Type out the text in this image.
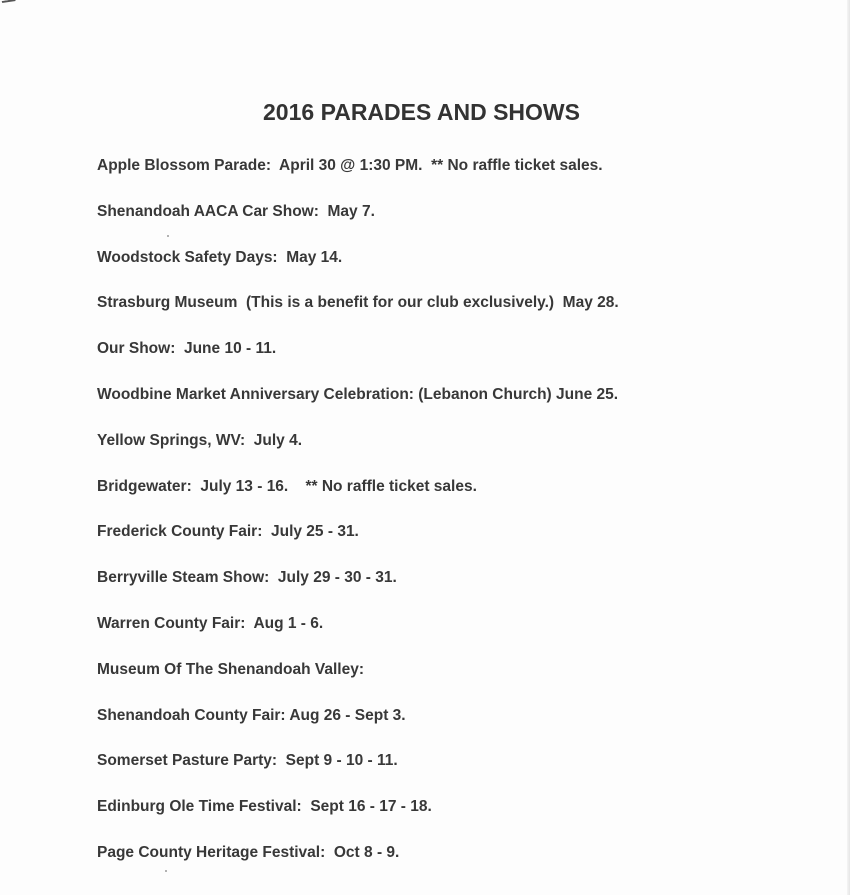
2016 PARADES AND SHOWS
Apple Blossom Parade:  April 30 @ 1:30 PM.  ** No raffle ticket sales.
Shenandoah AACA Car Show:  May 7.
Woodstock Safety Days:  May 14.
Strasburg Museum  (This is a benefit for our club exclusively.)  May 28.
Our Show:  June 10 - 11.
Woodbine Market Anniversary Celebration: (Lebanon Church) June 25.
Yellow Springs, WV:  July 4.
Bridgewater:  July 13 - 16.    ** No raffle ticket sales.
Frederick County Fair:  July 25 - 31.
Berryville Steam Show:  July 29 - 30 - 31.
Warren County Fair:  Aug 1 - 6.
Museum Of The Shenandoah Valley:
Shenandoah County Fair: Aug 26 - Sept 3.
Somerset Pasture Party:  Sept 9 - 10 - 11.
Edinburg Ole Time Festival:  Sept 16 - 17 - 18.
Page County Heritage Festival:  Oct 8 - 9.
